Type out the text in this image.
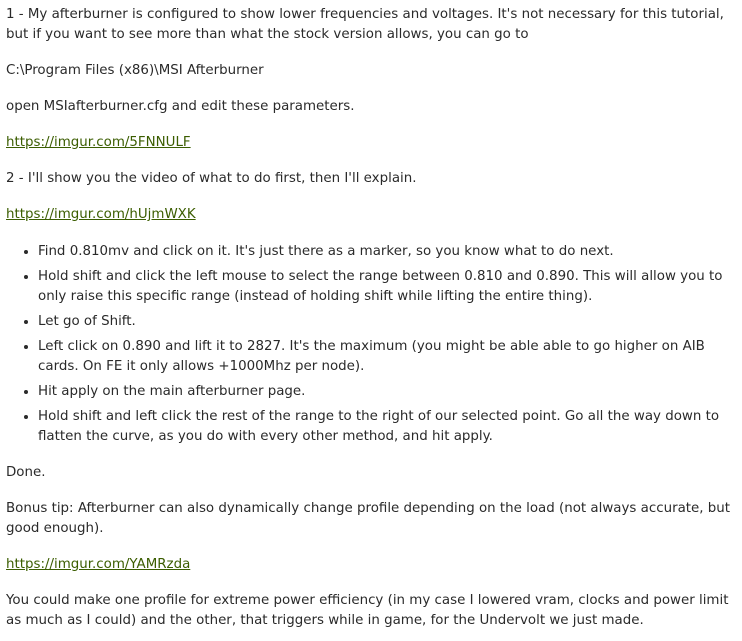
1 - My afterburner is configured to show lower frequencies and voltages. It's not necessary for this tutorial, but if you want to see more than what the stock version allows, you can go to

C:\Program Files (x86)\MSI Afterburner

open MSIafterburner.cfg and edit these parameters.

https://imgur.com/5FNNULF

2 - I'll show you the video of what to do first, then I'll explain.

https://imgur.com/hUjmWXK

• Find 0.810mv and click on it. It's just there as a marker, so you know what to do next.
• Hold shift and click the left mouse to select the range between 0.810 and 0.890. This will allow you to only raise this specific range (instead of holding shift while lifting the entire thing).
• Let go of Shift.
• Left click on 0.890 and lift it to 2827. It's the maximum (you might be able able to go higher on AIB cards. On FE it only allows +1000Mhz per node).
• Hit apply on the main afterburner page.
• Hold shift and left click the rest of the range to the right of our selected point. Go all the way down to flatten the curve, as you do with every other method, and hit apply.

Done.

Bonus tip: Afterburner can also dynamically change profile depending on the load (not always accurate, but good enough).

https://imgur.com/YAMRzda

You could make one profile for extreme power efficiency (in my case I lowered vram, clocks and power limit as much as I could) and the other, that triggers while in game, for the Undervolt we just made.
